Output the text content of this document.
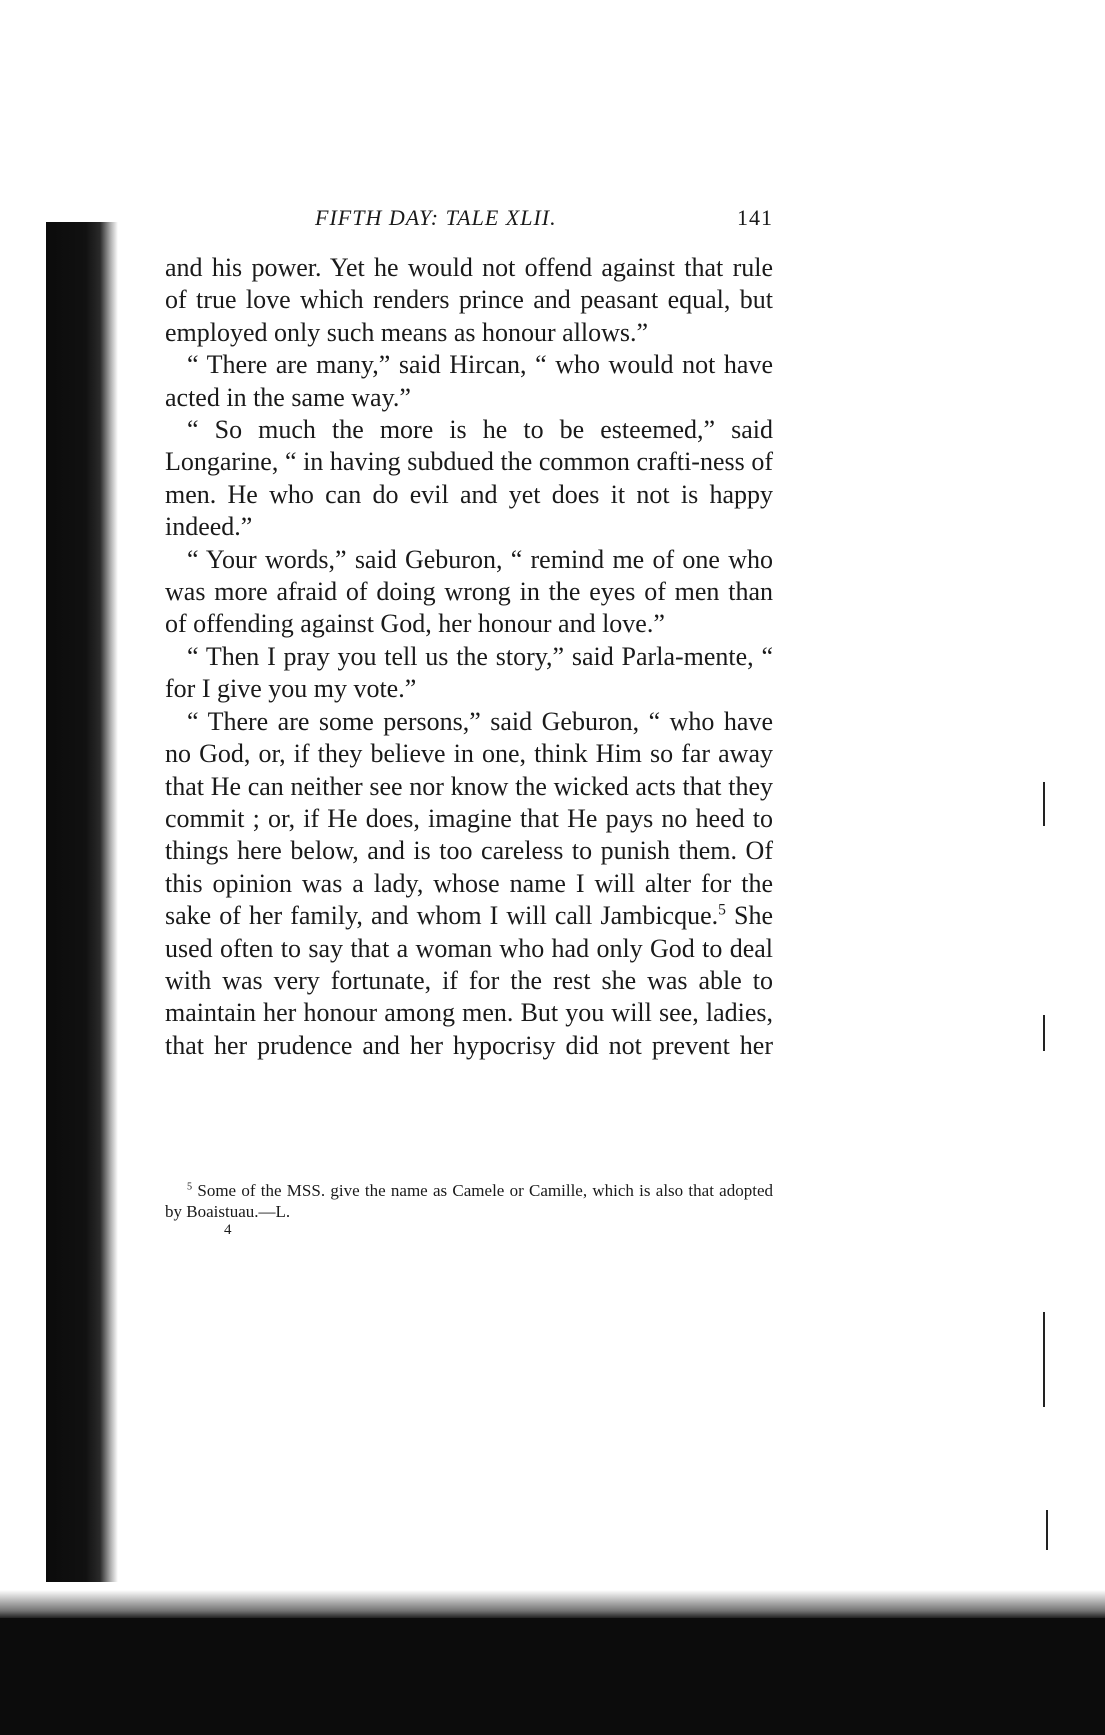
FIFTH DAY: TALE XLII.	141

and his power. Yet he would not offend against that rule of true love which renders prince and peasant equal, but employed only such means as honour allows.”

“ There are many,” said Hircan, “ who would not have acted in the same way.”

“ So much the more is he to be esteemed,” said Longarine, “ in having subdued the common crafti-ness of men. He who can do evil and yet does it not is happy indeed.”

“ Your words,” said Geburon, “ remind me of one who was more afraid of doing wrong in the eyes of men than of offending against God, her honour and love.”

“ Then I pray you tell us the story,” said Parla-mente, “ for I give you my vote.”

“ There are some persons,” said Geburon, “ who have no God, or, if they believe in one, think Him so far away that He can neither see nor know the wicked acts that they commit ; or, if He does, imagine that He pays no heed to things here below, and is too careless to punish them. Of this opinion was a lady, whose name I will alter for the sake of her family, and whom I will call Jambicque.$^5$ She used often to say that a woman who had only God to deal with was very fortunate, if for the rest she was able to maintain her honour among men. But you will see, ladies, that her prudence and her hypocrisy did not prevent her

$^5$ Some of the MSS. give the name as Camele or Camille, which is also that adopted by Boaistuau.—L.

4
